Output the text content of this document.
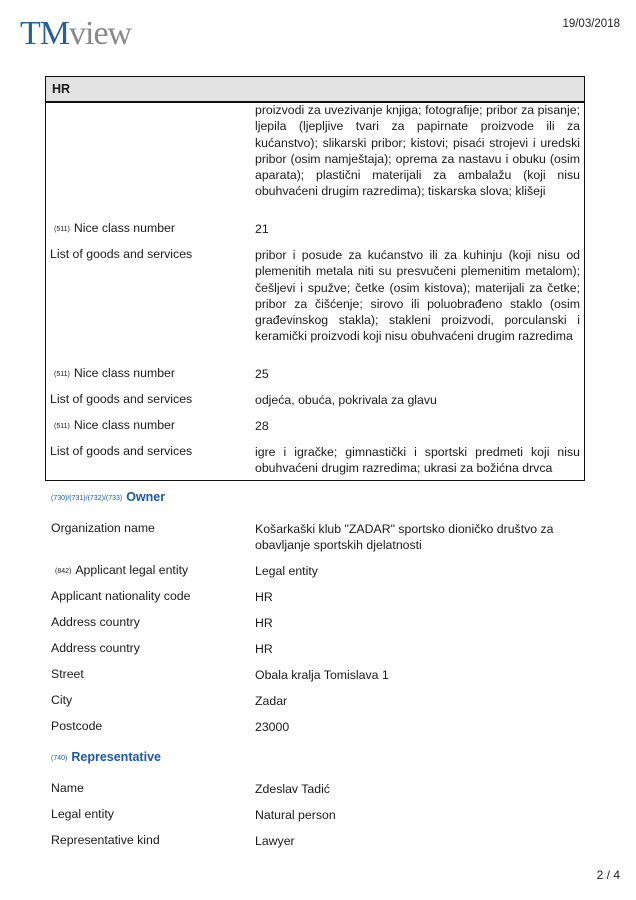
TMview	19/03/2018
HR
proizvodi za uvezivanje knjiga; fotografije; pribor za pisanje; ljepila (ljepljive tvari za papirnate proizvode ili za kućanstvo); slikarski pribor; kistovi; pisaći strojevi i uredski pribor (osim namještaja); oprema za nastavu i obuku (osim aparata); plastični materijali za ambalažu (koji nisu obuhvaćeni drugim razredima); tiskarska slova; klišeji
(511) Nice class number	21
List of goods and services	pribor i posude za kućanstvo ili za kuhinju (koji nisu od plemenitih metala niti su presvučeni plemenitim metalom); češljevi i spužve; četke (osim kistova); materijali za četke; pribor za čišćenje; sirovo ili poluobrađeno staklo (osim građevinskog stakla); stakleni proizvodi, porculanski i keramički proizvodi koji nisu obuhvaćeni drugim razredima
(511) Nice class number	25
List of goods and services	odjeća, obuća, pokrivala za glavu
(511) Nice class number	28
List of goods and services	igre i igračke; gimnastički i sportski predmeti koji nisu obuhvaćeni drugim razredima; ukrasi za božićna drvca
(730)/(731)/(732)/(733) Owner
Organization name	Košarkaški klub "ZADAR" sportsko dioničko društvo za obavljanje sportskih djelatnosti
(842) Applicant legal entity	Legal entity
Applicant nationality code	HR
Address country	HR
Address country	HR
Street	Obala kralja Tomislava 1
City	Zadar
Postcode	23000
(740) Representative
Name	Zdeslav Tadić
Legal entity	Natural person
Representative kind	Lawyer
2 / 4
